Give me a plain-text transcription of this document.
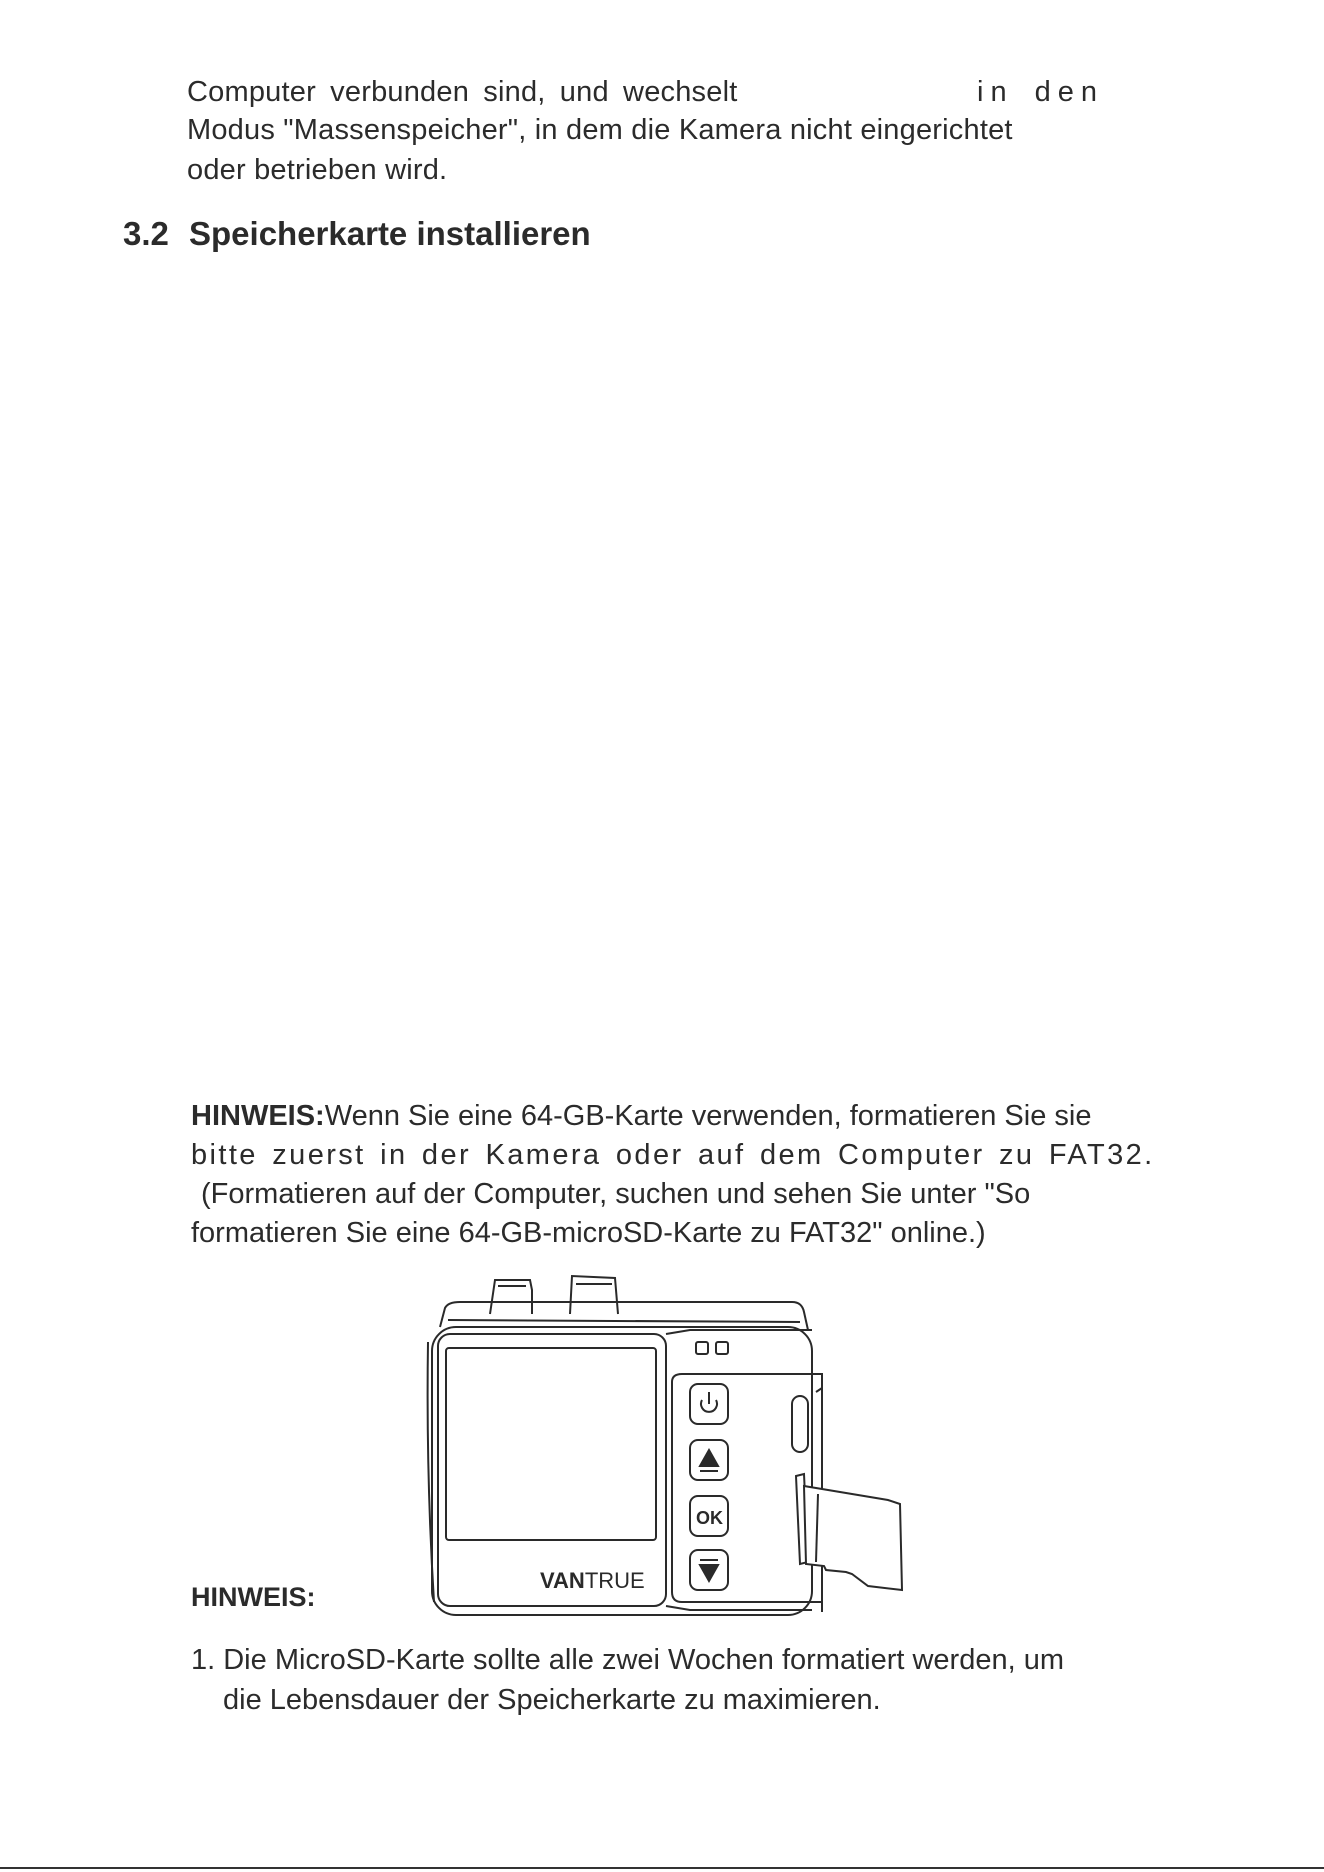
Computer verbunden sind, und wechselt	in den
Modus "Massenspeicher", in dem die Kamera nicht eingerichtet
oder betrieben wird.
3.2 Speicherkarte installieren
HINWEIS:Wenn Sie eine 64-GB-Karte verwenden, formatieren Sie sie
bitte zuerst in der Kamera oder auf dem Computer zu FAT32.
(Formatieren auf der Computer, suchen und sehen Sie unter "So
formatieren Sie eine 64-GB-microSD-Karte zu FAT32" online.)
VANTRUE
OK
HINWEIS:
1. Die MicroSD-Karte sollte alle zwei Wochen formatiert werden, um
die Lebensdauer der Speicherkarte zu maximieren.
